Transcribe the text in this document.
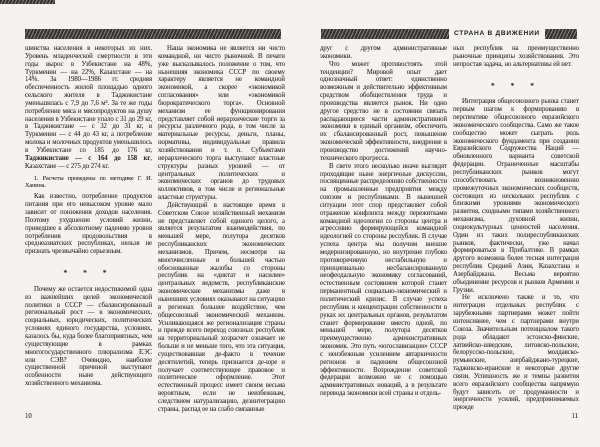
СТРАНА В ДВИЖЕНИИ
шинства населения в некоторых из них. Уровень младенческой смертности в эти годы вырос в Узбекистане на 48%, Туркмении — на 22%, Казахстане — на 14%. За 1980—1986 гг. средняя обеспеченность жилой площадью одного сельского жителя в Таджикистане уменьшилась с 7,9 до 7,6 м². За те же годы потребление мяса и мясопродуктов на душу населения в Узбекистане упало с 31 до 29 кг, в Таджикистане — с 32 до 31 кг, в Туркмении — с 44 до 43 кг, а потребление молока и молочных продуктов уменьшилось в Узбекистане со 185 до 176 кг, Таджикистане — с 164 до 158 кг, Казахстане — с 275 до 274 кг.
1. Расчеты проведены по методике Г. И. Ханина.
Как известно, потребление продуктов питания при его невысоком уровне мало зависит от понижения доходов населения. Поэтому ухудшение условий жизни, приведшее к абсолютному падению уровня потребления продовольствия в среднеазиатских республиках, нельзя не признать чрезвычайно серьезным.
* * *
Почему же остается недостижимой одна из важнейших целей экономической политики в СССР — сбалансированный региональный рост — в экономических, социальных, юридических, политических условиях единого государства, условиях, казалось бы, куда более благоприятных, чем существующие в рамках многогосударственного плюрализма ЕЭС или СЭВ? Очевидно, наиболее существенной причиной выступают особенности ныне действующего хозяйственного механизма.
Наша экономика не является ни чисто командной, ни чисто рыночной. В печати уже высказывалось положение о том, что нынешняя экономика СССР по своему характеру является не командной экономикой, а скорее «экономикой согласования» или «экономикой бюрократического торга». Основной механизм ее функционирования представляет собой иерархические торги за ресурсы различного рода, в том числе за материальные ресурсы, деньги, планы, нормативы, индивидуальные правила хозяйствования и т. п. Субъектами иерархического торга выступают властные структуры разных уровней — от центральных политических и экономических органов до трудовых коллективов, в том числе и региональные властные структуры.
Действующий в настоящее время в Советском Союзе хозяйственный механизм не представляет собой единого целого, а является результатом взаимодействия, по меньшей мере, полутора десятков республиканских экономических механизмов. Причем, несмотря на многочисленные и большей частью обоснованные жалобы со стороны республик на «диктат и насилие» центральных ведомств, республиканские экономические механизмы даже в нынешних условиях оказывают на ситуацию в регионах большее воздействие, чем общесоюзный экономический механизм. Усиливающаяся же регионализация страны и прежде всего переход союзных республик на территориальный хозрасчет означает не больше и не меньше того, что эта ситуация, существовавшая де-факто в течение десятилетий, теперь признается де-юре и получает соответствующее правовое и политическое оформление. Этот естественный процесс имеет своим весьма вероятным, если не неизбежным, следствием натурализацию, дезинтеграцию страны, распад ее на слабо связанные
друг с другом административные экономики.
Что может противостоять этой тенденции? Мировой опыт дает однозначный ответ: единственно возможным и действительно эффективным средством обобществления труда и производства является рынок. Ни одно другое средство не в состоянии связать распадающиеся части административной экономики в единый организм, обеспечить их сбалансированный рост, повышение экономической эффективности, внедрение в производство достижений научно-технического прогресса.
В свете этого несколько иначе выглядят проходящие ныне энергичные дискуссии, посвященные распределению собственности на промышленные предприятия между союзом и республиками. В нынешней ситуации этот спор представляет собой отражение конфликта между пережитками командной идеологии со стороны центра и агрессивно формирующейся командной идеологией со стороны республик. В случае успеха центра мы получим внешне модернизированную, но внутренне глубоко противоречивую нестабильную и принципиально несбалансированную неофеодальную экономику согласований, естественным состоянием которой станет перманентный социально-экономический и политический кризис. В случае успеха республик и концентрации собственности в руках их центральных органов, результатом станет формирование вместо одной, по меньшей мере, полутора десятков преимущественно административных экономик. Это путь «югославизации» СССР с неизбежным усилением автаркичности регионов и падением общесоюзной эффективности. Возрождение советской федерации возможно не с помощью административных новаций, а в результате перевода экономики всей страны и отдель-
ных республик на преимущественно рыночные принципы хозяйствования. Это непростая задача, но альтернативы ей нет.
* * *
Интеграция общесоюзного рынка станет первым шагом к формированию в перспективе общесоюзного евразийского экономического сообщества. Само же такое сообщество может сыграть роль экономического фундамента при создании Евразийского Содружества Наций — обновленного варианта советской федерации. Ограниченные масштабы республиканских рынков могут способствовать возникновению промежуточных экономических сообществ, состоящих из нескольких республик с близкими уровнями экономического развития, сходными типами хозяйственного механизма, духовной жизни, социокультурных ценностей населения. Один из таких полиреспубликанских рынков, фактически, уже начал формироваться в Прибалтике. В рамках другого возможна более тесная интеграция республик Средней Азии, Казахстана и Азербайджана. Весьма вероятно объединение ресурсов и рынков Армении и Грузии.
Не исключено также и то, что интеграция отдельных республик с зарубежными партнерами может пойти интенсивнее, чем с партнерами внутри Союза. Значительным потенциалом такого рода обладают эстонско-финские, латвийско-шведские, литовско-польские, белорусско-польские, молдавско-румынские, азербайджано-турецкие, таджикско-иранские и некоторые другие связи. Успешность же и темпы развития всего евразийского сообщества напрямую будут зависеть от продуманности и энергичности усилий, предпринимаемых прежде
10	11
